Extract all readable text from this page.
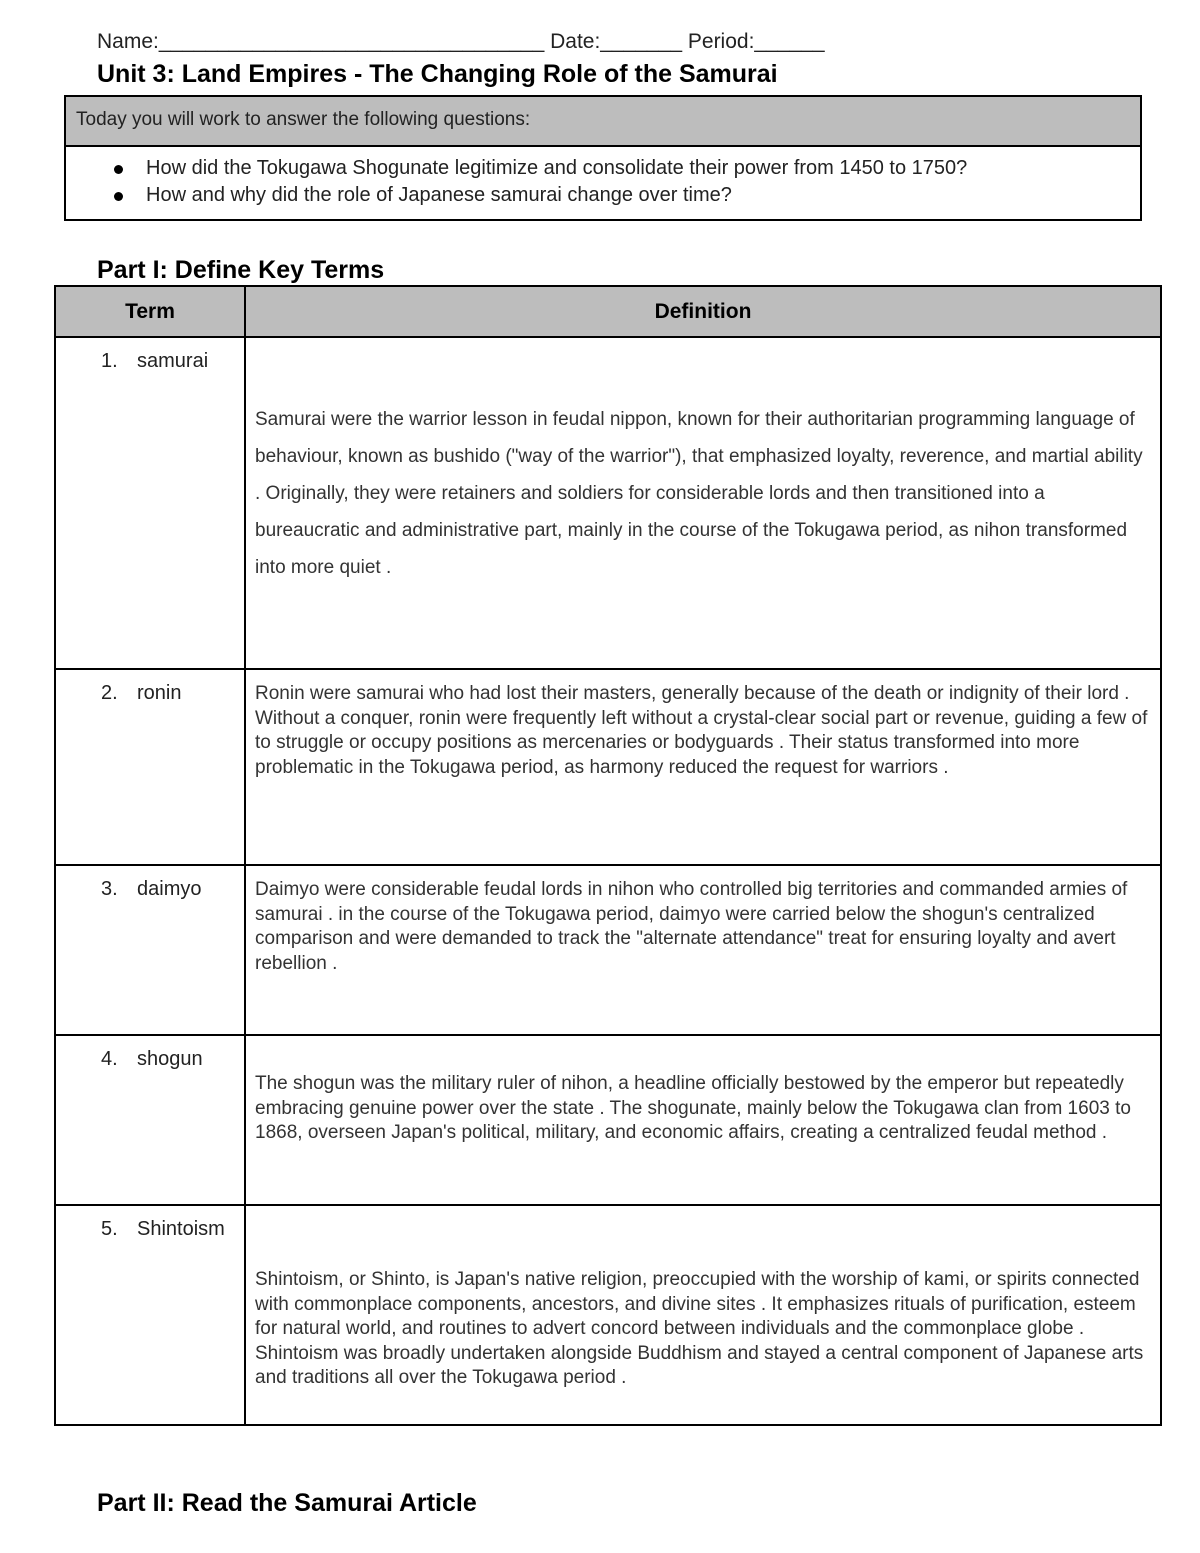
Name:_________________________________ Date:_______ Period:______
Unit 3: Land Empires - The Changing Role of the Samurai
Today you will work to answer the following questions:
How did the Tokugawa Shogunate legitimize and consolidate their power from 1450 to 1750?
How and why did the role of Japanese samurai change over time?
Part I: Define Key Terms
Term	Definition
1. samurai	Samurai were the warrior lesson in feudal nippon, known for their authoritarian programming language of behaviour, known as bushido ("way of the warrior"), that emphasized loyalty, reverence, and martial ability . Originally, they were retainers and soldiers for considerable lords and then transitioned into a bureaucratic and administrative part, mainly in the course of the Tokugawa period, as nihon transformed into more quiet .
2. ronin	Ronin were samurai who had lost their masters, generally because of the death or indignity of their lord . Without a conquer, ronin were frequently left without a crystal-clear social part or revenue, guiding a few of to struggle or occupy positions as mercenaries or bodyguards . Their status transformed into more problematic in the Tokugawa period, as harmony reduced the request for warriors .
3. daimyo	Daimyo were considerable feudal lords in nihon who controlled big territories and commanded armies of samurai . in the course of the Tokugawa period, daimyo were carried below the shogun's centralized comparison and were demanded to track the "alternate attendance" treat for ensuring loyalty and avert rebellion .
4. shogun	The shogun was the military ruler of nihon, a headline officially bestowed by the emperor but repeatedly embracing genuine power over the state . The shogunate, mainly below the Tokugawa clan from 1603 to 1868, overseen Japan's political, military, and economic affairs, creating a centralized feudal method .
5. Shintoism	Shintoism, or Shinto, is Japan's native religion, preoccupied with the worship of kami, or spirits connected with commonplace components, ancestors, and divine sites . It emphasizes rituals of purification, esteem for natural world, and routines to advert concord between individuals and the commonplace globe . Shintoism was broadly undertaken alongside Buddhism and stayed a central component of Japanese arts and traditions all over the Tokugawa period .
Part II: Read the Samurai Article
